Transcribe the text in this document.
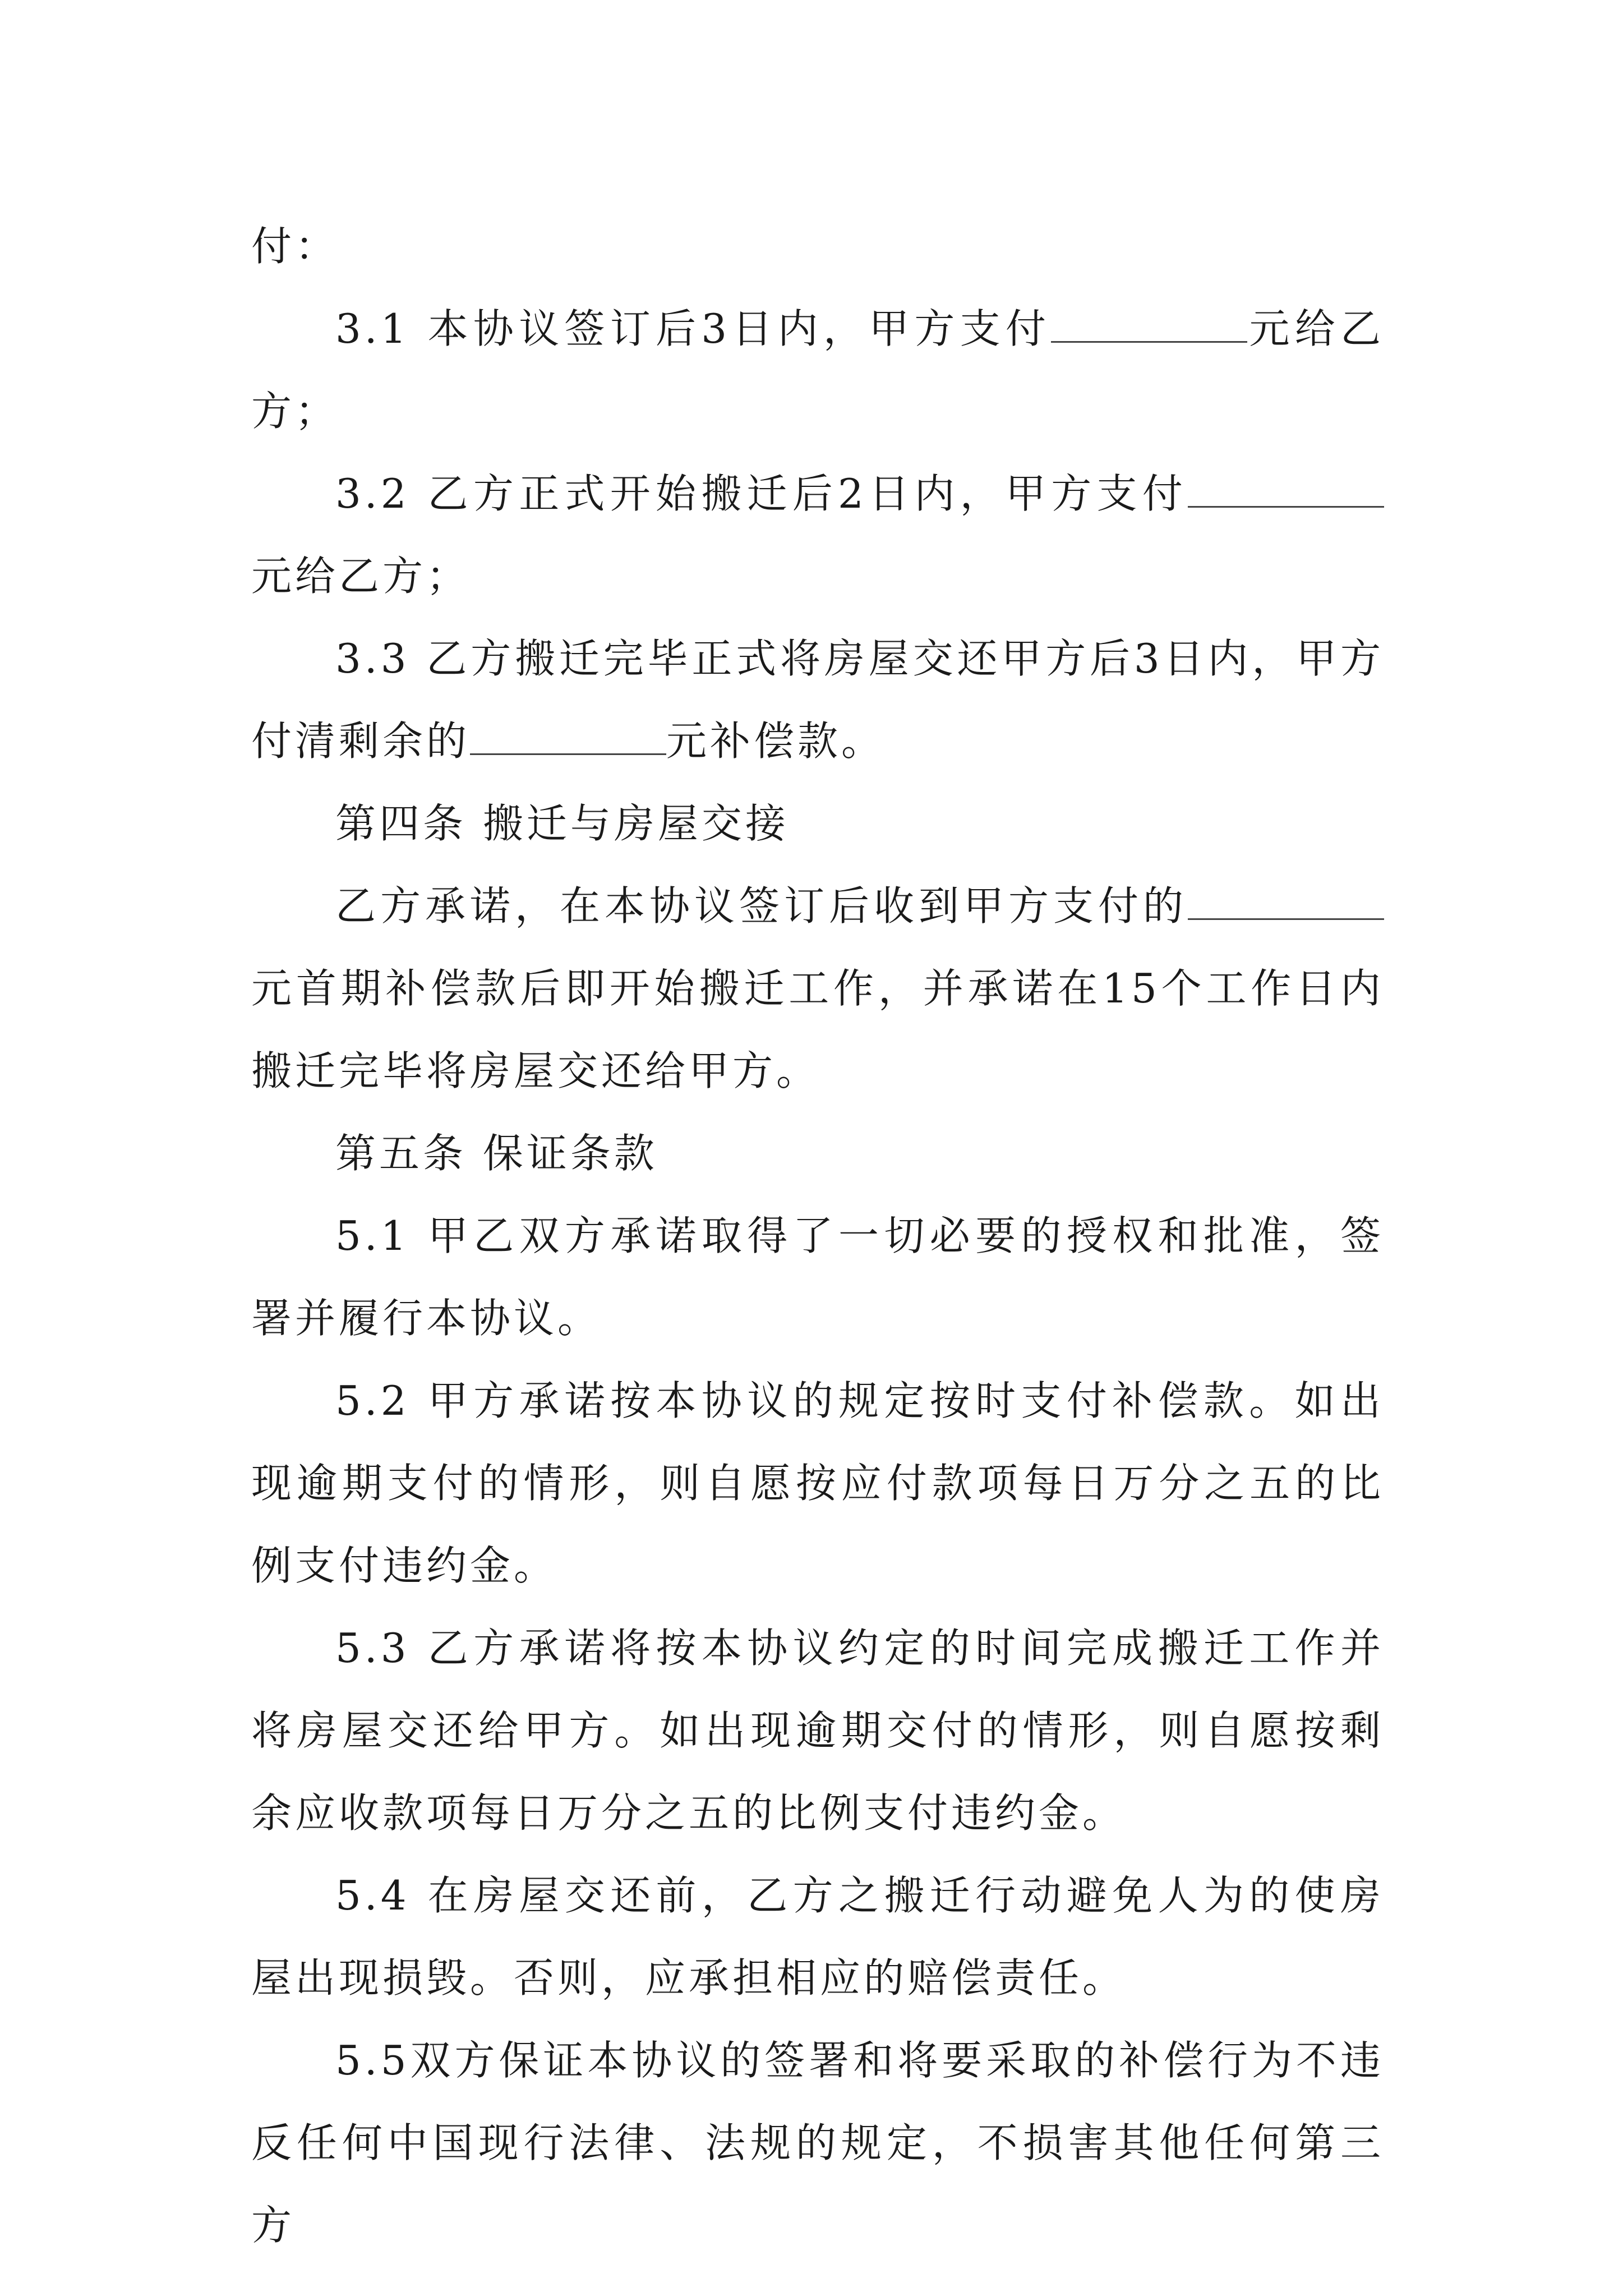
付：

3.1 本协议签订后3日内，甲方支付	元给乙方；

3.2 乙方正式开始搬迁后2日内，甲方支付元给乙方；

3.3 乙方搬迁完毕正式将房屋交还甲方后3日内，甲方付清剩余的	元补偿款。

第四条 搬迁与房屋交接

乙方承诺，在本协议签订后收到甲方支付的元首期补偿款后即开始搬迁工作，并承诺在15个工作日内搬迁完毕将房屋交还给甲方。

第五条 保证条款

5.1 甲乙双方承诺取得了一切必要的授权和批准，签署并履行本协议。

5.2 甲方承诺按本协议的规定按时支付补偿款。如出现逾期支付的情形，则自愿按应付款项每日万分之五的比例支付违约金。

5.3 乙方承诺将按本协议约定的时间完成搬迁工作并将房屋交还给甲方。如出现逾期交付的情形，则自愿按剩余应收款项每日万分之五的比例支付违约金。

5.4 在房屋交还前，乙方之搬迁行动避免人为的使房屋出现损毁。否则，应承担相应的赔偿责任。

5.5双方保证本协议的签署和将要采取的补偿行为不违反任何中国现行法律、法规的规定，不损害其他任何第三方
